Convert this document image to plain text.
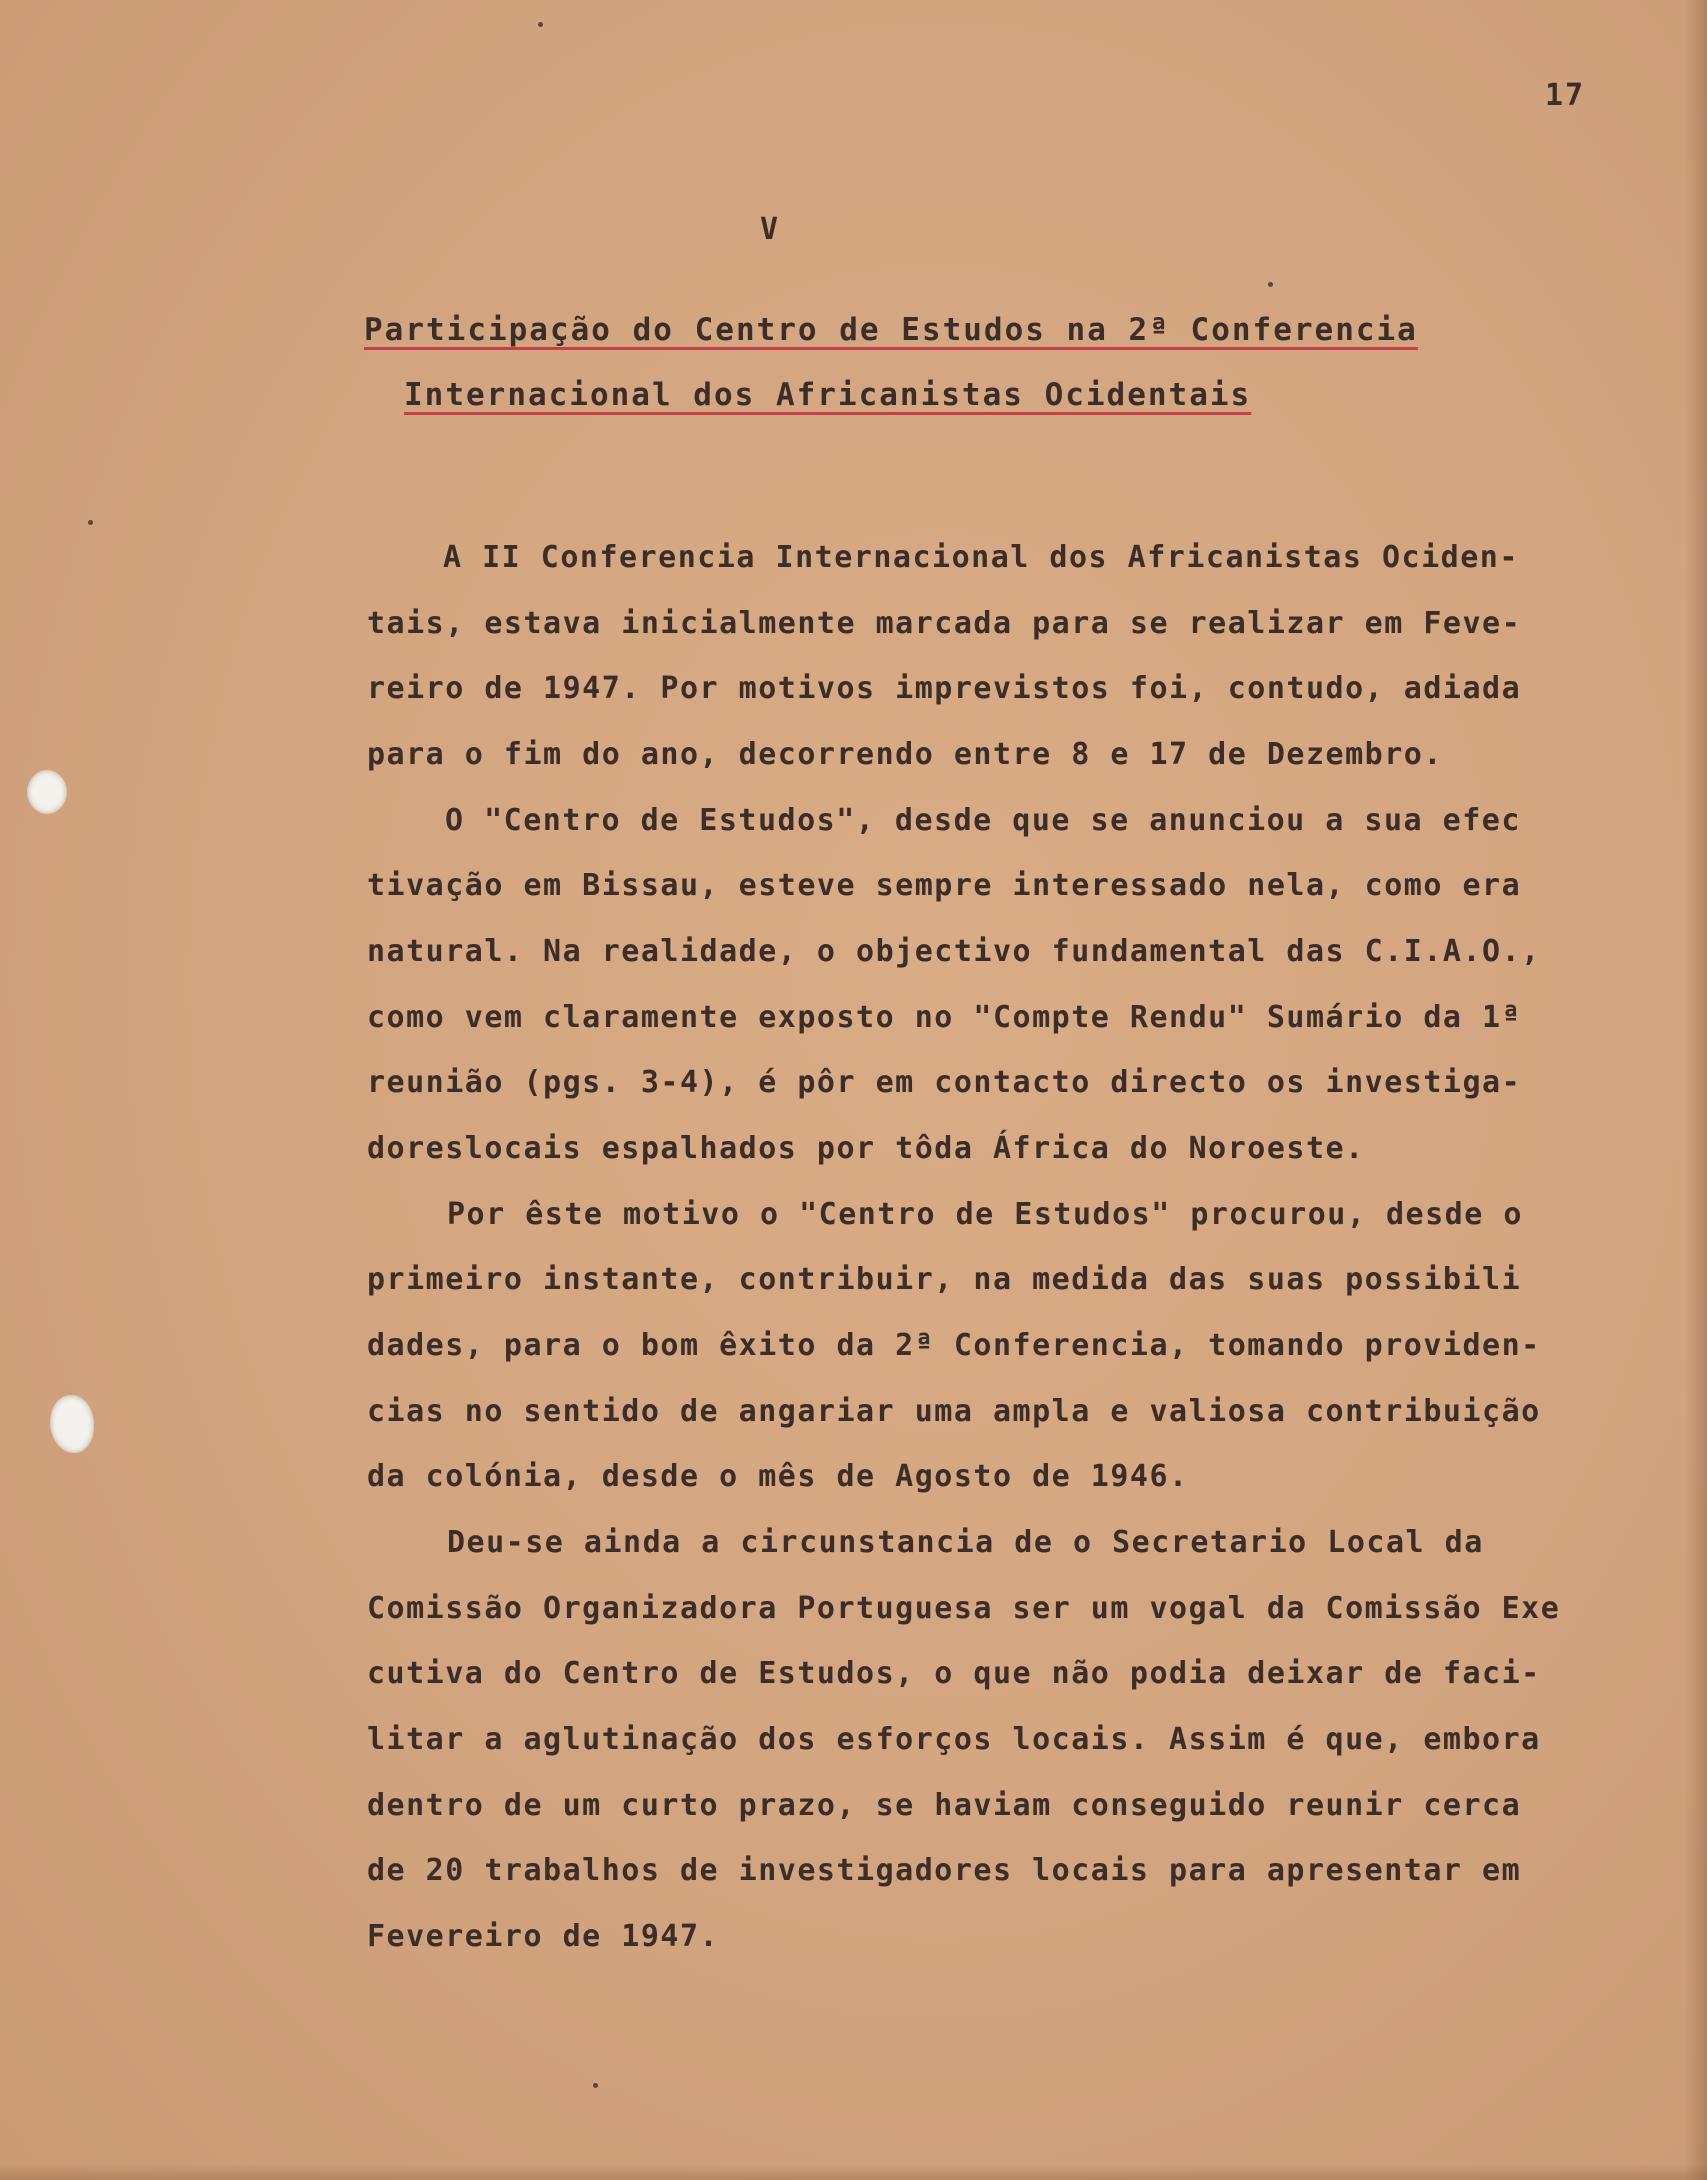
17
V
Participação do Centro de Estudos na 2ª Conferencia
Internacional dos Africanistas Ocidentais
A II Conferencia Internacional dos Africanistas Ociden-
tais, estava inicialmente marcada para se realizar em Feve-
reiro de 1947. Por motivos imprevistos foi, contudo, adiada
para o fim do ano, decorrendo entre 8 e 17 de Dezembro.
O "Centro de Estudos", desde que se anunciou a sua efec
tivação em Bissau, esteve sempre interessado nela, como era
natural. Na realidade, o objectivo fundamental das C.I.A.O.,
como vem claramente exposto no "Compte Rendu" Sumário da 1ª
reunião (pgs. 3-4), é pôr em contacto directo os investiga-
doreslocais espalhados por tôda África do Noroeste.
Por êste motivo o "Centro de Estudos" procurou, desde o
primeiro instante, contribuir, na medida das suas possibili
dades, para o bom êxito da 2ª Conferencia, tomando providen-
cias no sentido de angariar uma ampla e valiosa contribuição
da colónia, desde o mês de Agosto de 1946.
Deu-se ainda a circunstancia de o Secretario Local da
Comissão Organizadora Portuguesa ser um vogal da Comissão Exe
cutiva do Centro de Estudos, o que não podia deixar de faci-
litar a aglutinação dos esforços locais. Assim é que, embora
dentro de um curto prazo, se haviam conseguido reunir cerca
de 20 trabalhos de investigadores locais para apresentar em
Fevereiro de 1947.
